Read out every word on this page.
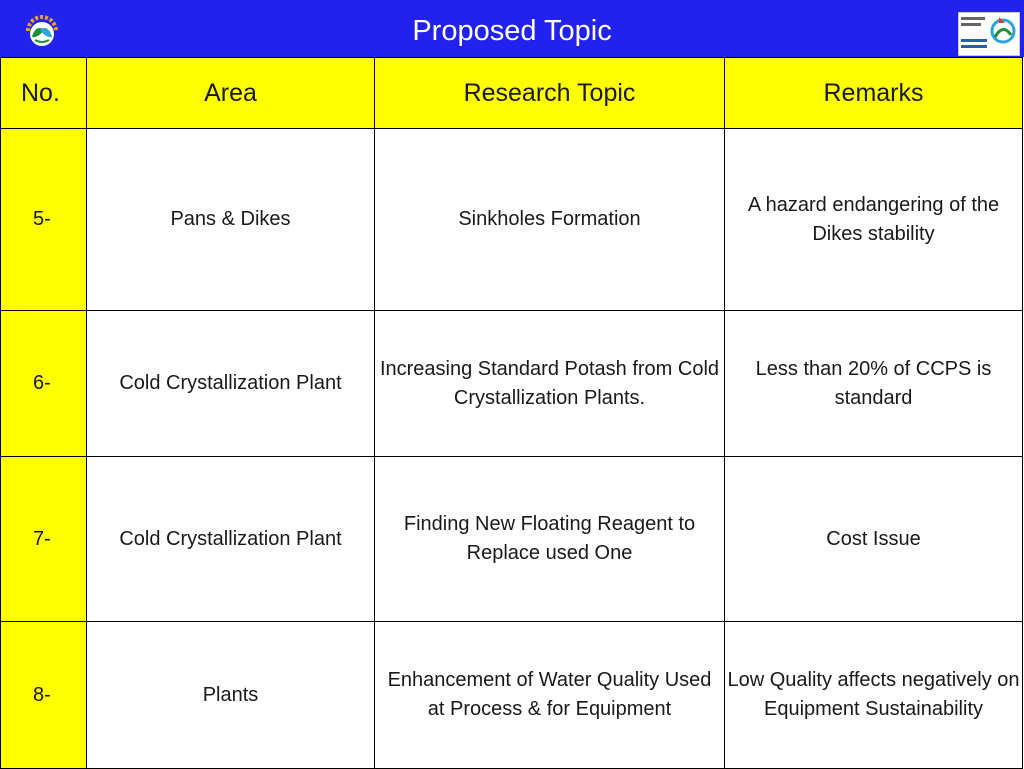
Proposed Topic
No.	Area	Research Topic	Remarks
5-	Pans & Dikes	Sinkholes Formation	A hazard endangering of the Dikes stability
6-	Cold Crystallization Plant	Increasing Standard Potash from Cold Crystallization Plants.	Less than 20% of CCPS is standard
7-	Cold Crystallization Plant	Finding New Floating Reagent to Replace used One	Cost Issue
8-	Plants	Enhancement of Water Quality Used at Process & for Equipment	Low Quality affects negatively on Equipment Sustainability
